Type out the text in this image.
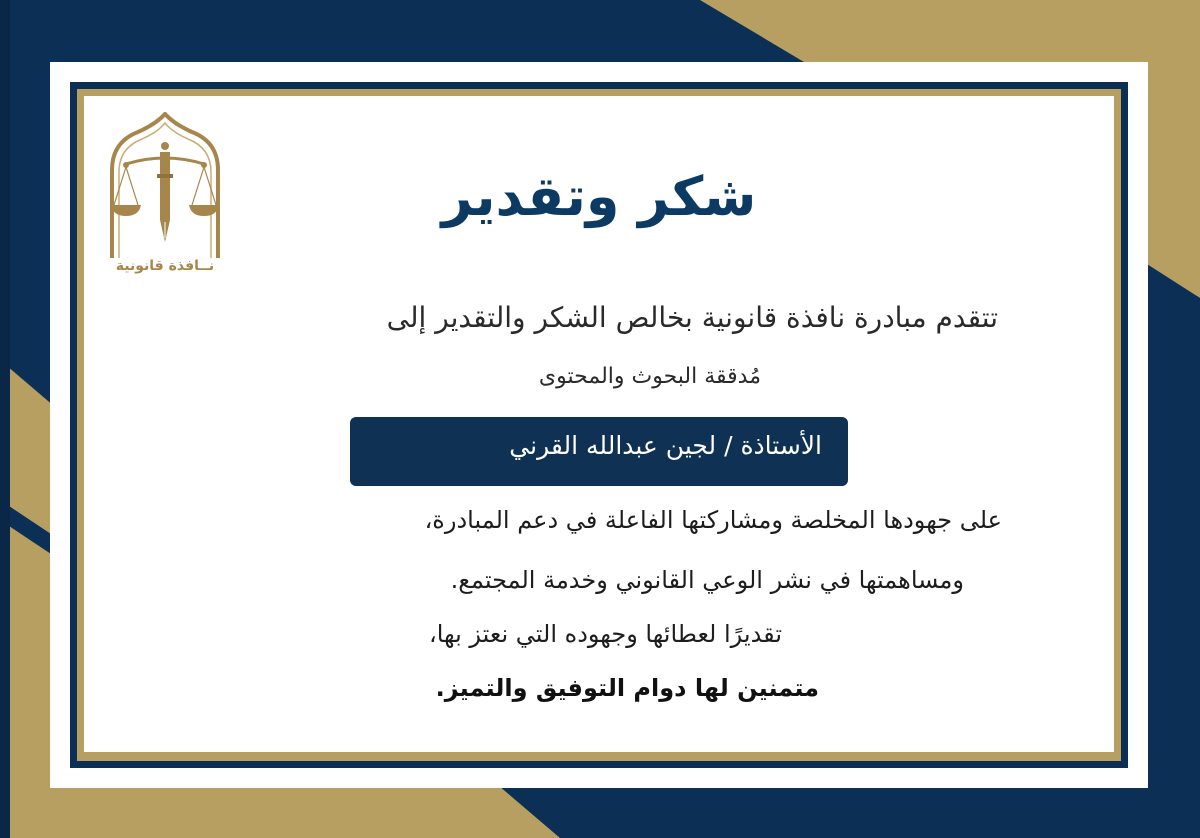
نــافذة قانونية
شكر وتقدير
تتقدم مبادرة نافذة قانونية بخالص الشكر والتقدير إلى
مُدققة البحوث والمحتوى
الأستاذة / لجين عبدالله القرني
على جهودها المخلصة ومشاركتها الفاعلة في دعم المبادرة،
ومساهمتها في نشر الوعي القانوني وخدمة المجتمع.
تقديرًا لعطائها وجهوده التي نعتز بها،
متمنين لها دوام التوفيق والتميز.
